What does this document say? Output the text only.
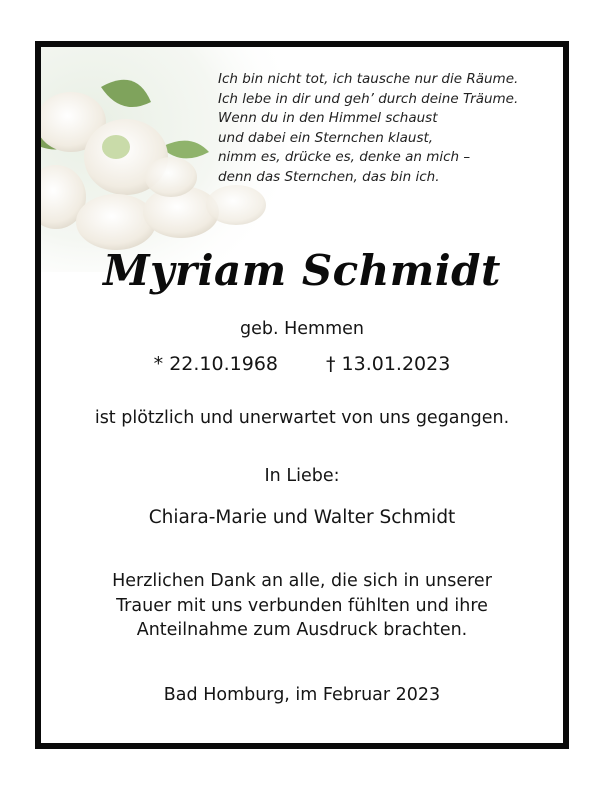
Ich bin nicht tot, ich tausche nur die Räume.
Ich lebe in dir und geh’ durch deine Träume.
Wenn du in den Himmel schaust
und dabei ein Sternchen klaust,
nimm es, drücke es, denke an mich –
denn das Sternchen, das bin ich.
Myriam Schmidt
geb. Hemmen
* 22.10.1968	† 13.01.2023
ist plötzlich und unerwartet von uns gegangen.
In Liebe:
Chiara-Marie und Walter Schmidt
Herzlichen Dank an alle, die sich in unserer
Trauer mit uns verbunden fühlten und ihre
Anteilnahme zum Ausdruck brachten.
Bad Homburg, im Februar 2023
